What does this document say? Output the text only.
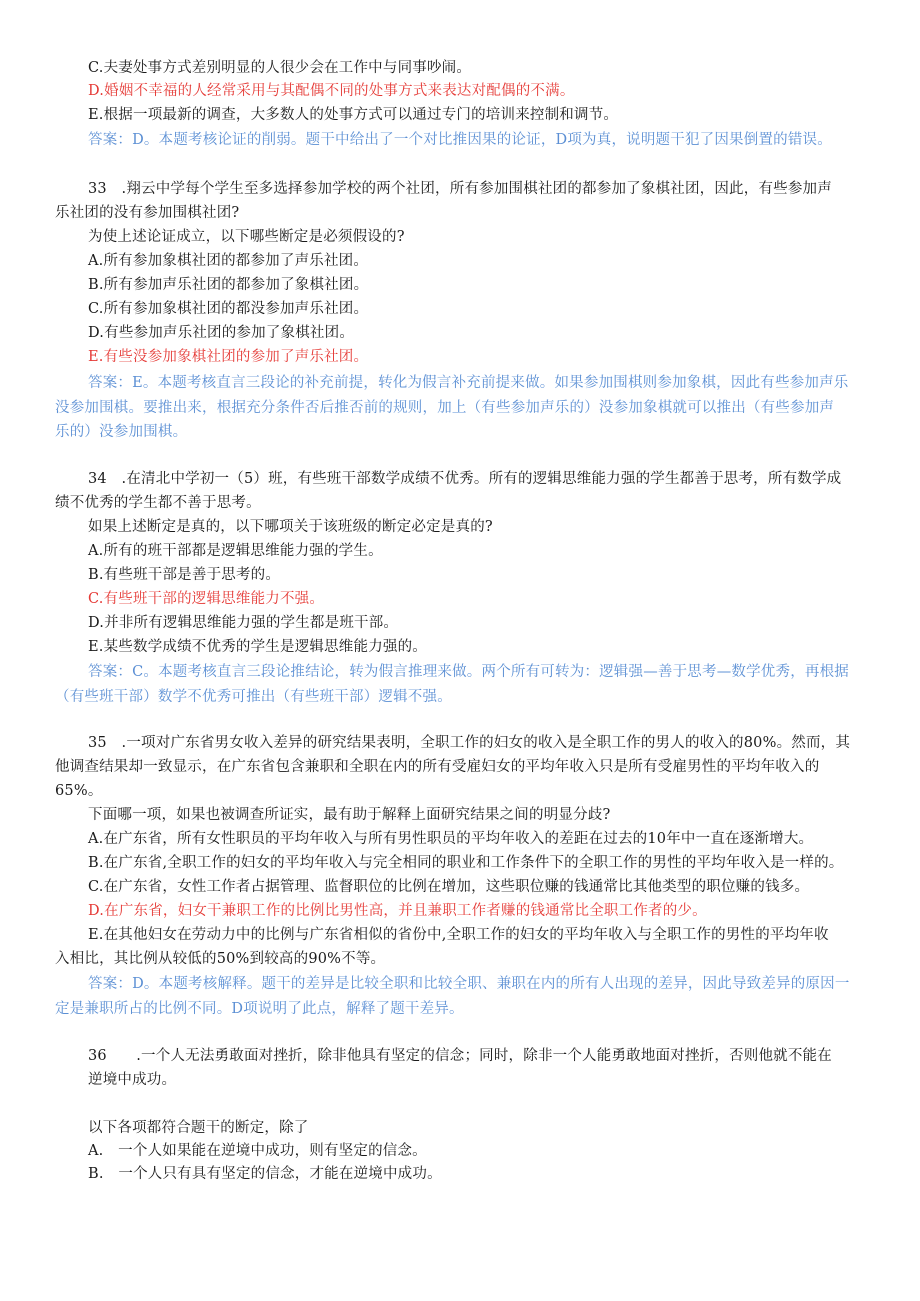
C.夫妻处事方式差别明显的人很少会在工作中与同事吵闹。
D.婚姻不幸福的人经常采用与其配偶不同的处事方式来表达对配偶的不满。
E.根据一项最新的调查，大多数人的处事方式可以通过专门的培训来控制和调节。
答案：D。本题考核论证的削弱。题干中给出了一个对比推因果的论证，D项为真，说明题干犯了因果倒置的错误。
33　.翔云中学每个学生至多选择参加学校的两个社团，所有参加围棋社团的都参加了象棋社团，因此，有些参加声
乐社团的没有参加围棋社团?
为使上述论证成立，以下哪些断定是必须假设的?
A.所有参加象棋社团的都参加了声乐社团。
B.所有参加声乐社团的都参加了象棋社团。
C.所有参加象棋社团的都没参加声乐社团。
D.有些参加声乐社团的参加了象棋社团。
E.有些没参加象棋社团的参加了声乐社团。
答案：E。本题考核直言三段论的补充前提，转化为假言补充前提来做。如果参加围棋则参加象棋，因此有些参加声乐
没参加围棋。要推出来，根据充分条件否后推否前的规则，加上（有些参加声乐的）没参加象棋就可以推出（有些参加声
乐的）没参加围棋。
34　.在清北中学初一（5）班，有些班干部数学成绩不优秀。所有的逻辑思维能力强的学生都善于思考，所有数学成
绩不优秀的学生都不善于思考。
如果上述断定是真的，以下哪项关于该班级的断定必定是真的?
A.所有的班干部都是逻辑思维能力强的学生。
B.有些班干部是善于思考的。
C.有些班干部的逻辑思维能力不强。
D.并非所有逻辑思维能力强的学生都是班干部。
E.某些数学成绩不优秀的学生是逻辑思维能力强的。
答案：C。本题考核直言三段论推结论，转为假言推理来做。两个所有可转为：逻辑强—善于思考—数学优秀，再根据
（有些班干部）数学不优秀可推出（有些班干部）逻辑不强。
35　.一项对广东省男女收入差异的研究结果表明，全职工作的妇女的收入是全职工作的男人的收入的80%。然而，其
他调查结果却一致显示，在广东省包含兼职和全职在内的所有受雇妇女的平均年收入只是所有受雇男性的平均年收入的
65%。
下面哪一项，如果也被调查所证实，最有助于解释上面研究结果之间的明显分歧?
A.在广东省，所有女性职员的平均年收入与所有男性职员的平均年收入的差距在过去的10年中一直在逐渐增大。
B.在广东省,全职工作的妇女的平均年收入与完全相同的职业和工作条件下的全职工作的男性的平均年收入是一样的。
C.在广东省，女性工作者占据管理、监督职位的比例在增加，这些职位赚的钱通常比其他类型的职位赚的钱多。
D.在广东省，妇女干兼职工作的比例比男性高，并且兼职工作者赚的钱通常比全职工作者的少。
E.在其他妇女在劳动力中的比例与广东省相似的省份中,全职工作的妇女的平均年收入与全职工作的男性的平均年收
入相比，其比例从较低的50%到较高的90%不等。
答案：D。本题考核解释。题干的差异是比较全职和比较全职、兼职在内的所有人出现的差异，因此导致差异的原因一
定是兼职所占的比例不同。D项说明了此点，解释了题干差异。
36　　.一个人无法勇敢面对挫折，除非他具有坚定的信念；同时，除非一个人能勇敢地面对挫折，否则他就不能在
逆境中成功。
以下各项都符合题干的断定，除了
A.　一个人如果能在逆境中成功，则有坚定的信念。
B.　一个人只有具有坚定的信念，才能在逆境中成功。
